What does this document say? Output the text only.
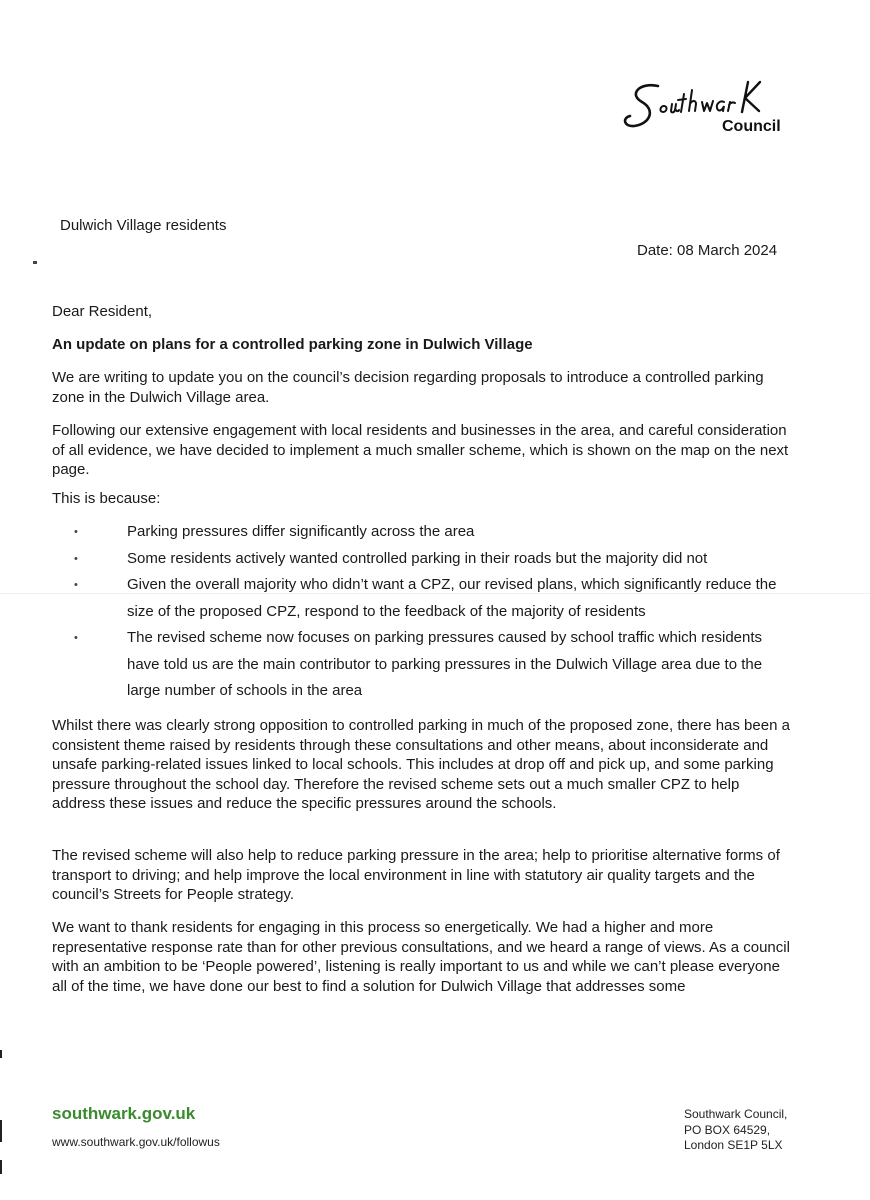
Council
Dulwich Village residents
Date: 08 March 2024

Dear Resident,

An update on plans for a controlled parking zone in Dulwich Village

We are writing to update you on the council’s decision regarding proposals to introduce a controlled parking zone in the Dulwich Village area.

Following our extensive engagement with local residents and businesses in the area, and careful consideration of all evidence, we have decided to implement a much smaller scheme, which is shown on the map on the next page.

This is because:

•	Parking pressures differ significantly across the area
•	Some residents actively wanted controlled parking in their roads but the majority did not
•	Given the overall majority who didn’t want a CPZ, our revised plans, which significantly reduce the size of the proposed CPZ, respond to the feedback of the majority of residents
•	The revised scheme now focuses on parking pressures caused by school traffic which residents have told us are the main contributor to parking pressures in the Dulwich Village area due to the large number of schools in the area

Whilst there was clearly strong opposition to controlled parking in much of the proposed zone, there has been a consistent theme raised by residents through these consultations and other means, about inconsiderate and unsafe parking-related issues linked to local schools. This includes at drop off and pick up, and some parking pressure throughout the school day. Therefore the revised scheme sets out a much smaller CPZ to help address these issues and reduce the specific pressures around the schools.

The revised scheme will also help to reduce parking pressure in the area; help to prioritise alternative forms of transport to driving; and help improve the local environment in line with statutory air quality targets and the council’s Streets for People strategy.

We want to thank residents for engaging in this process so energetically. We had a higher and more representative response rate than for other previous consultations, and we heard a range of views. As a council with an ambition to be ‘People powered’, listening is really important to us and while we can’t please everyone all of the time, we have done our best to find a solution for Dulwich Village that addresses some

southwark.gov.uk
www.southwark.gov.uk/followus
Southwark Council,
PO BOX 64529,
London SE1P 5LX
